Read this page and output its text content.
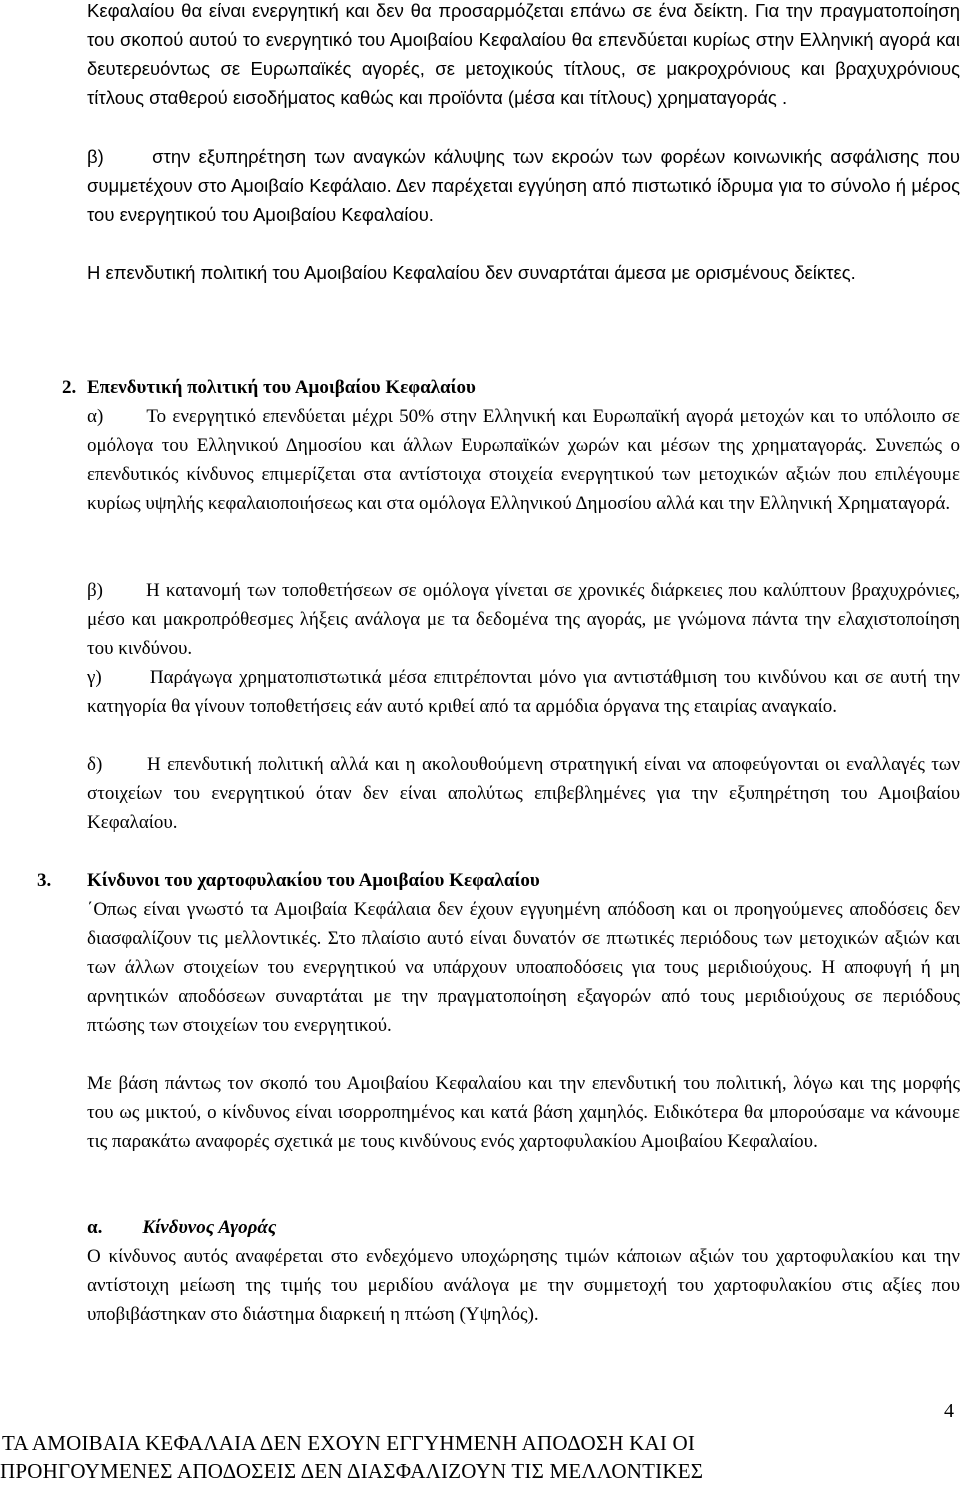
Κεφαλαίου θα είναι ενεργητική και δεν θα προσαρμόζεται επάνω σε ένα δείκτη. Για την πραγματοποίηση του σκοπού αυτού το ενεργητικό του Αμοιβαίου Κεφαλαίου θα επενδύεται κυρίως στην Ελληνική αγορά και δευτερευόντως σε Ευρωπαϊκές αγορές, σε μετοχικούς τίτλους, σε μακροχρόνιους και βραχυχρόνιους τίτλους σταθερού εισοδήματος καθώς και προϊόντα (μέσα και τίτλους) χρηματαγοράς .
β)      στην εξυπηρέτηση των αναγκών κάλυψης των εκροών των φορέων κοινωνικής ασφάλισης που συμμετέχουν στο Αμοιβαίο Κεφάλαιο. Δεν παρέχεται εγγύηση από πιστωτικό ίδρυμα για το σύνολο ή μέρος του ενεργητικού του Αμοιβαίου Κεφαλαίου.
Η επενδυτική πολιτική του Αμοιβαίου Κεφαλαίου δεν συναρτάται άμεσα με ορισμένους δείκτες.
2. Επενδυτική πολιτική του Αμοιβαίου Κεφαλαίου
α)       Το ενεργητικό επενδύεται μέχρι 50% στην Ελληνική και Ευρωπαϊκή αγορά μετοχών και το υπόλοιπο σε ομόλογα του Ελληνικού Δημοσίου και άλλων Ευρωπαϊκών χωρών και μέσων της χρηματαγοράς. Συνεπώς ο επενδυτικός κίνδυνος επιμερίζεται στα αντίστοιχα στοιχεία ενεργητικού των μετοχικών αξιών που επιλέγουμε κυρίως υψηλής κεφαλαιοποιήσεως και στα ομόλογα Ελληνικού Δημοσίου αλλά και την Ελληνική Χρηματαγορά.
β)       Η κατανομή των τοποθετήσεων σε ομόλογα γίνεται σε χρονικές διάρκειες που καλύπτουν βραχυχρόνιες, μέσο και μακροπρόθεσμες λήξεις ανάλογα με τα δεδομένα της αγοράς, με γνώμονα πάντα την ελαχιστοποίηση του κινδύνου.
γ)       Παράγωγα χρηματοπιστωτικά μέσα επιτρέπονται μόνο για αντιστάθμιση του κινδύνου και σε αυτή την κατηγορία θα γίνουν τοποθετήσεις εάν αυτό κριθεί από τα αρμόδια όργανα της εταιρίας αναγκαίο.
δ)       Η επενδυτική πολιτική αλλά και η ακολουθούμενη στρατηγική είναι να αποφεύγονται οι εναλλαγές των στοιχείων του ενεργητικού όταν δεν είναι απολύτως επιβεβλημένες για την εξυπηρέτηση του Αμοιβαίου Κεφαλαίου.
3. Κίνδυνοι του χαρτοφυλακίου του Αμοιβαίου Κεφαλαίου
΄Οπως είναι γνωστό τα Αμοιβαία Κεφάλαια δεν έχουν εγγυημένη απόδοση και οι προηγούμενες αποδόσεις δεν διασφαλίζουν τις μελλοντικές. Στο πλαίσιο αυτό είναι δυνατόν σε πτωτικές περιόδους των μετοχικών αξιών και των άλλων στοιχείων του ενεργητικού να υπάρχουν υποαποδόσεις για τους μεριδιούχους. Η αποφυγή ή μη αρνητικών αποδόσεων συναρτάται με την πραγματοποίηση εξαγορών από τους μεριδιούχους σε περιόδους πτώσης των στοιχείων του ενεργητικού.
Με βάση πάντως τον σκοπό του Αμοιβαίου Κεφαλαίου και την επενδυτική του πολιτική, λόγω και της μορφής του ως μικτού, ο κίνδυνος είναι ισορροπημένος και κατά βάση χαμηλός. Ειδικότερα θα μπορούσαμε να κάνουμε τις παρακάτω αναφορές σχετικά με τους κινδύνους ενός χαρτοφυλακίου Αμοιβαίου Κεφαλαίου.
α. Κίνδυνος Αγοράς
Ο κίνδυνος αυτός αναφέρεται στο ενδεχόμενο υποχώρησης τιμών κάποιων αξιών του χαρτοφυλακίου και την αντίστοιχη μείωση της τιμής του μεριδίου ανάλογα με την συμμετοχή του χαρτοφυλακίου στις αξίες που υποβιβάστηκαν στο διάστημα διαρκειή η πτώση (Υψηλός).
4
ΤΑ ΑΜΟΙΒΑΙΑ ΚΕΦΑΛΑΙΑ ΔΕΝ ΕΧΟΥΝ ΕΓΓΥΗΜΕΝΗ ΑΠΟΔΟΣΗ ΚΑΙ ΟΙ
ΠΡΟΗΓΟΥΜΕΝΕΣ ΑΠΟΔΟΣΕΙΣ ΔΕΝ ΔΙΑΣΦΑΛΙΖΟΥΝ ΤΙΣ ΜΕΛΛΟΝΤΙΚΕΣ
